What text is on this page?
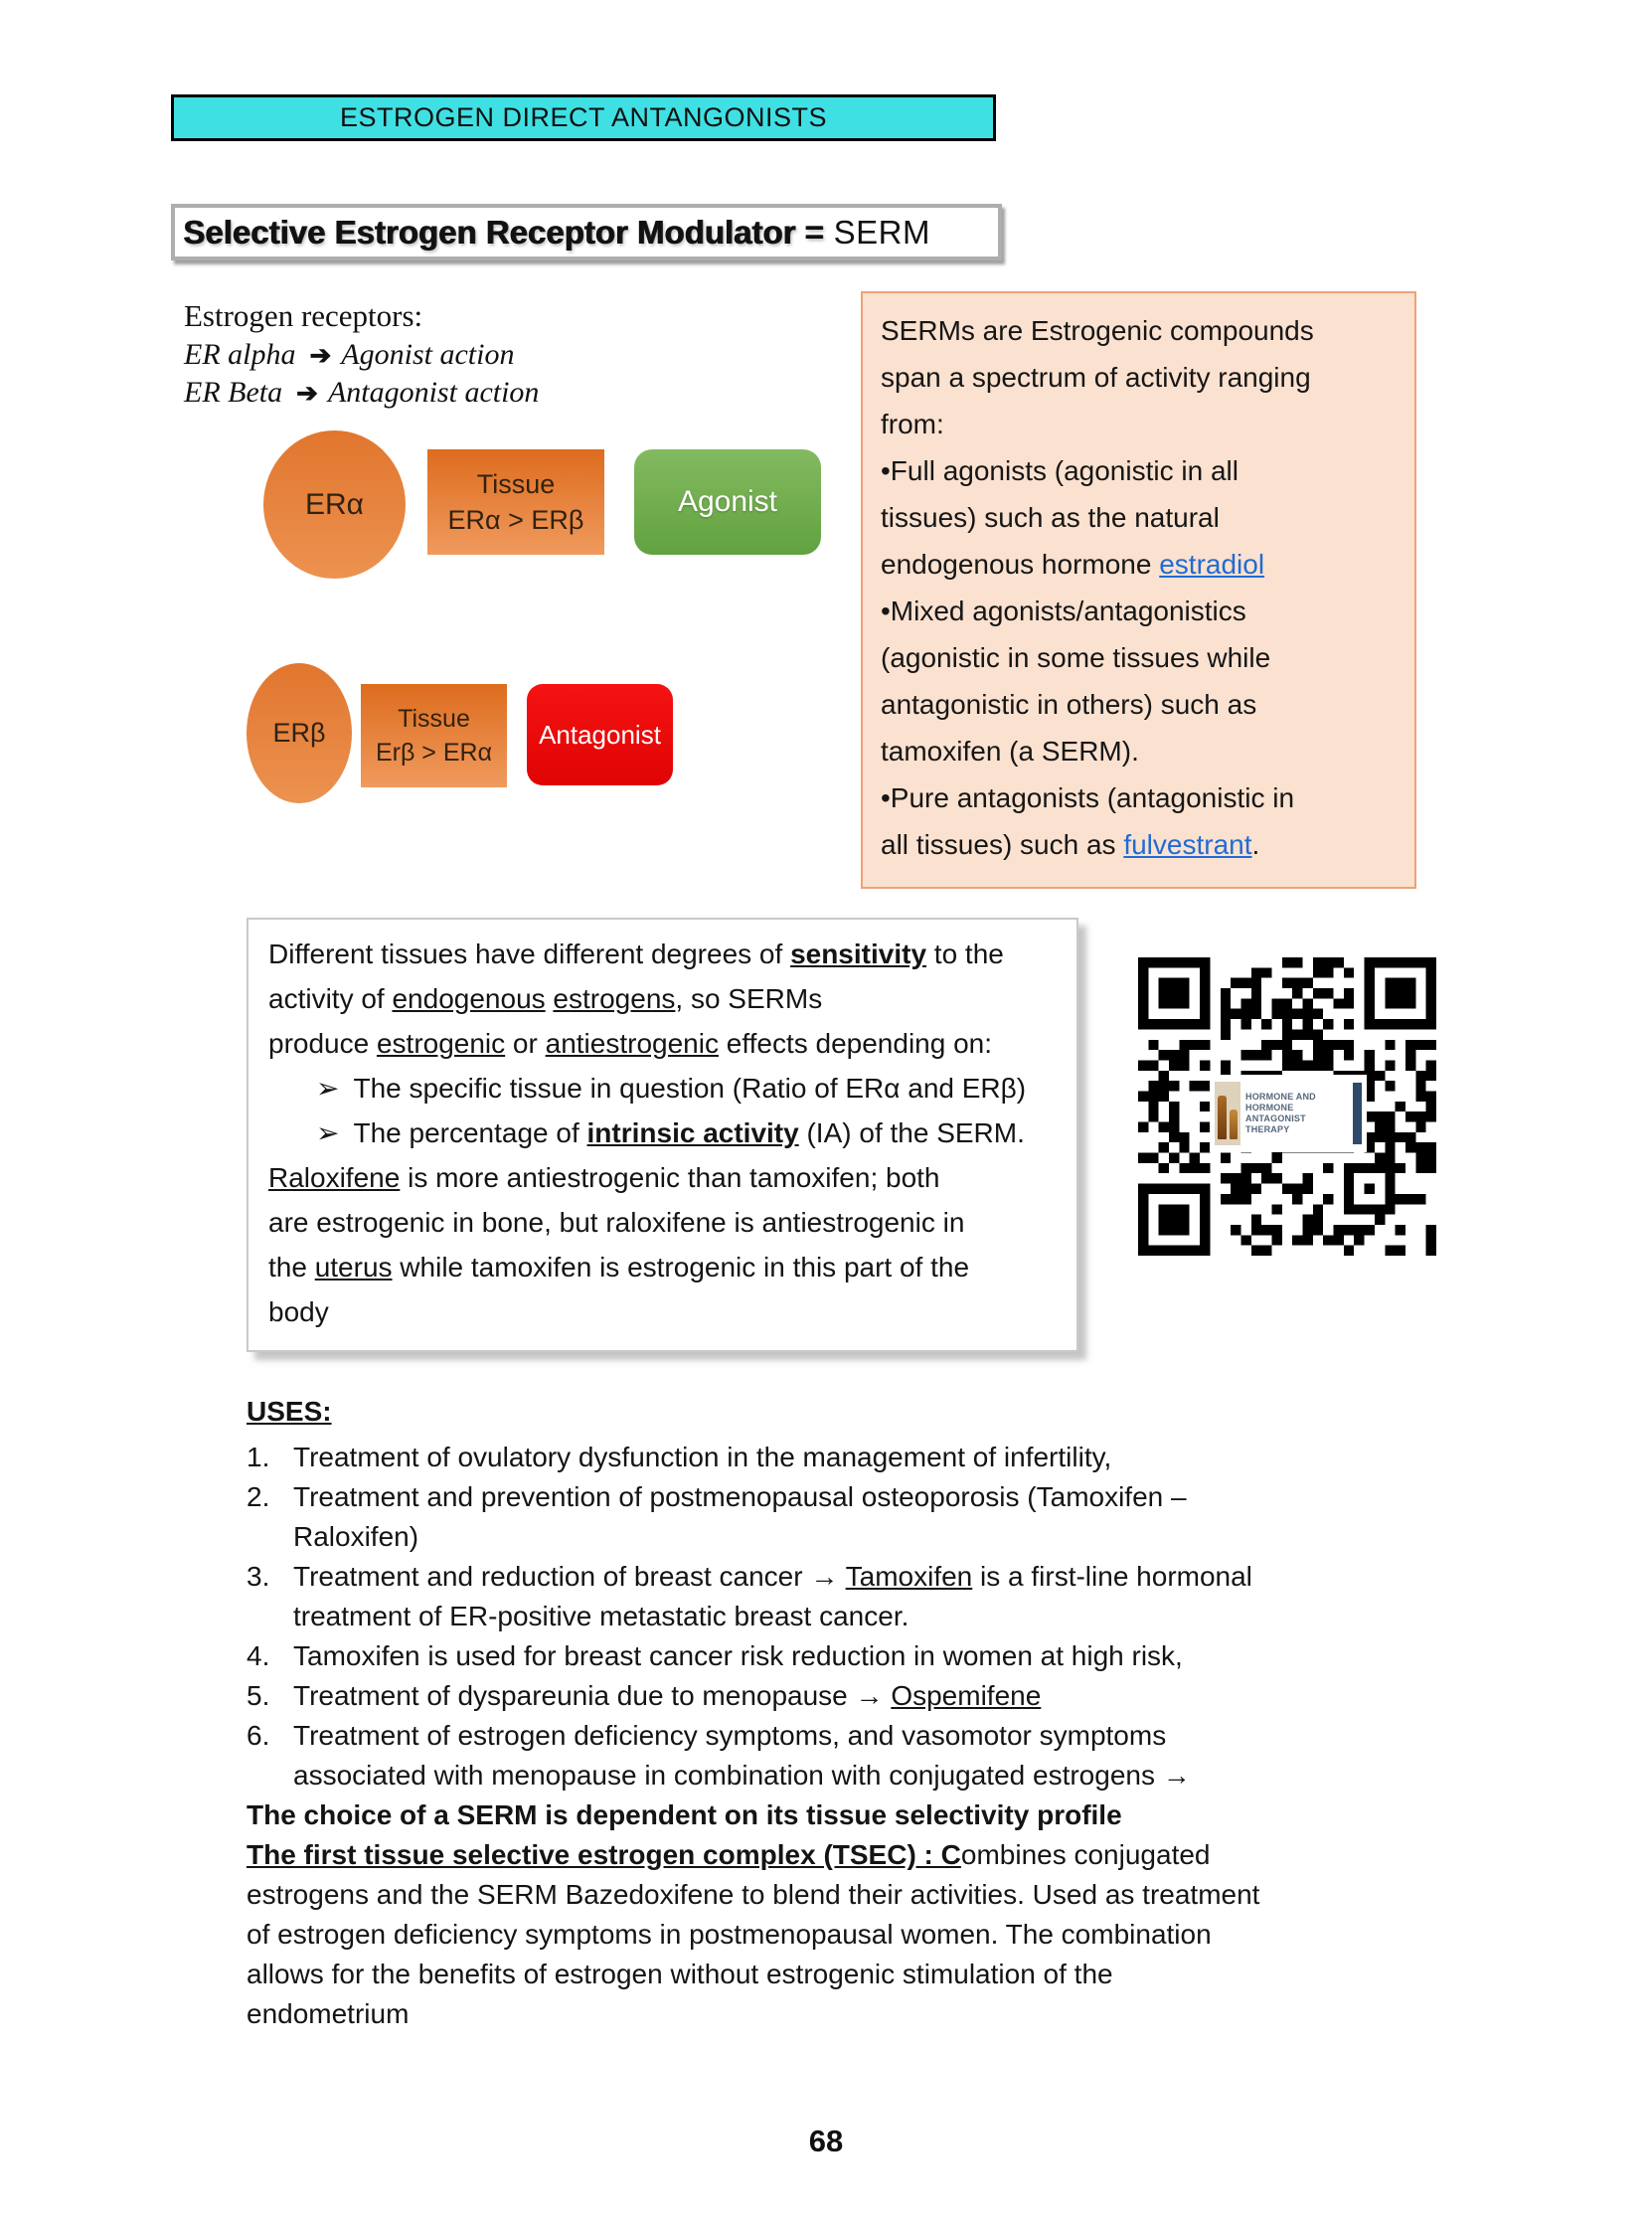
ESTROGEN DIRECT ANTANGONISTS
Selective Estrogen Receptor Modulator = SERM
Estrogen receptors:
ER alpha ➔ Agonist action
ER Beta ➔ Antagonist action
ERα
Tissue
ERα > ERβ
Agonist
ERβ	Tissue
Erβ > ERα
Antagonist

SERMs are Estrogenic compounds
span a spectrum of activity ranging
from:

•Full agonists (agonistic in all
tissues) such as the natural
endogenous hormone estradiol

•Mixed agonists/antagonistics
(agonistic in some tissues while
antagonistic in others) such as
tamoxifen (a SERM).

•Pure antagonists (antagonistic in
all tissues) such as fulvestrant.

Different tissues have different degrees of sensitivity to the
activity of endogenous estrogens, so SERMs
produce estrogenic or antiestrogenic effects depending on:
➢ The specific tissue in question (Ratio of ERα and ERβ)
➢ The percentage of intrinsic activity (IA) of the SERM.
Raloxifene is more antiestrogenic than tamoxifen; both
are estrogenic in bone, but raloxifene is antiestrogenic in
the uterus while tamoxifen is estrogenic in this part of the
body
HORMONE AND HORMONE
ANTAGONIST THERAPY
USES:
1. Treatment of ovulatory dysfunction in the management of infertility,
2. Treatment and prevention of postmenopausal osteoporosis (Tamoxifen –
Raloxifen)
3. Treatment and reduction of breast cancer → Tamoxifen is a first-line hormonal
treatment of ER-positive metastatic breast cancer.
4. Tamoxifen is used for breast cancer risk reduction in women at high risk,
5. Treatment of dyspareunia due to menopause → Ospemifene
6. Treatment of estrogen deficiency symptoms, and vasomotor symptoms
associated with menopause in combination with conjugated estrogens →
The choice of a SERM is dependent on its tissue selectivity profile
The first tissue selective estrogen complex (TSEC) : Combines conjugated
estrogens and the SERM Bazedoxifene to blend their activities. Used as treatment
of estrogen deficiency symptoms in postmenopausal women. The combination
allows for the benefits of estrogen without estrogenic stimulation of the
endometrium
68
